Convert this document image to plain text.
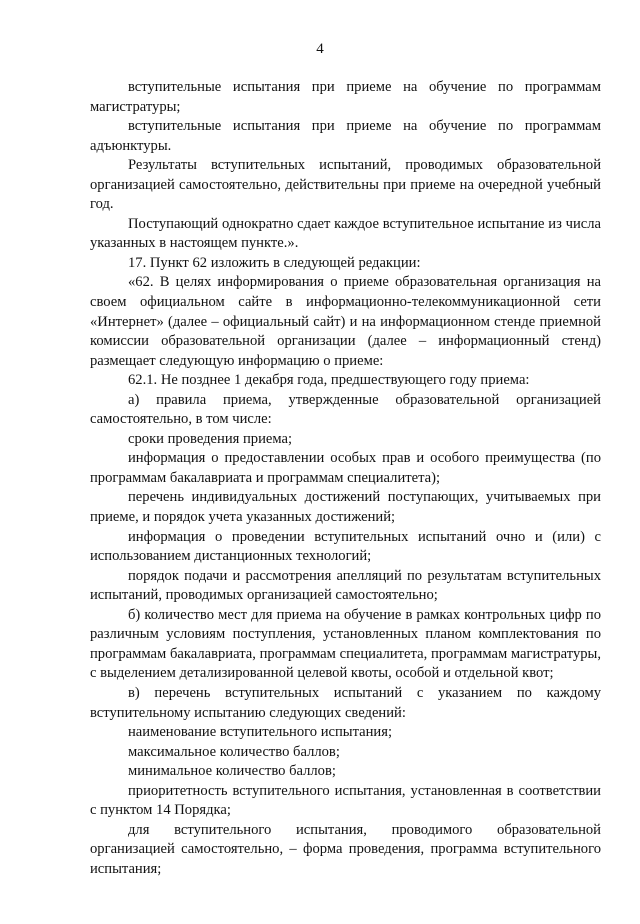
4

вступительные испытания при приеме на обучение по программам магистратуры;

вступительные испытания при приеме на обучение по программам адъюнктуры.

Результаты вступительных испытаний, проводимых образовательной организацией самостоятельно, действительны при приеме на очередной учебный год.

Поступающий однократно сдает каждое вступительное испытание из числа указанных в настоящем пункте.».

17. Пункт 62 изложить в следующей редакции:

«62. В целях информирования о приеме образовательная организация на своем официальном сайте в информационно-телекоммуникационной сети «Интернет» (далее – официальный сайт) и на информационном стенде приемной комиссии образовательной организации (далее – информационный стенд) размещает следующую информацию о приеме:

62.1. Не позднее 1 декабря года, предшествующего году приема:

а) правила приема, утвержденные образовательной организацией самостоятельно, в том числе:

сроки проведения приема;

информация о предоставлении особых прав и особого преимущества (по программам бакалавриата и программам специалитета);

перечень индивидуальных достижений поступающих, учитываемых при приеме, и порядок учета указанных достижений;

информация о проведении вступительных испытаний очно и (или) с использованием дистанционных технологий;

порядок подачи и рассмотрения апелляций по результатам вступительных испытаний, проводимых организацией самостоятельно;

б) количество мест для приема на обучение в рамках контрольных цифр по различным условиям поступления, установленных планом комплектования по программам бакалавриата, программам специалитета, программам магистратуры, с выделением детализированной целевой квоты, особой и отдельной квот;

в) перечень вступительных испытаний с указанием по каждому вступительному испытанию следующих сведений:

наименование вступительного испытания;

максимальное количество баллов;

минимальное количество баллов;

приоритетность вступительного испытания, установленная в соответствии с пунктом 14 Порядка;

для вступительного испытания, проводимого образовательной организацией самостоятельно, – форма проведения, программа вступительного испытания;
